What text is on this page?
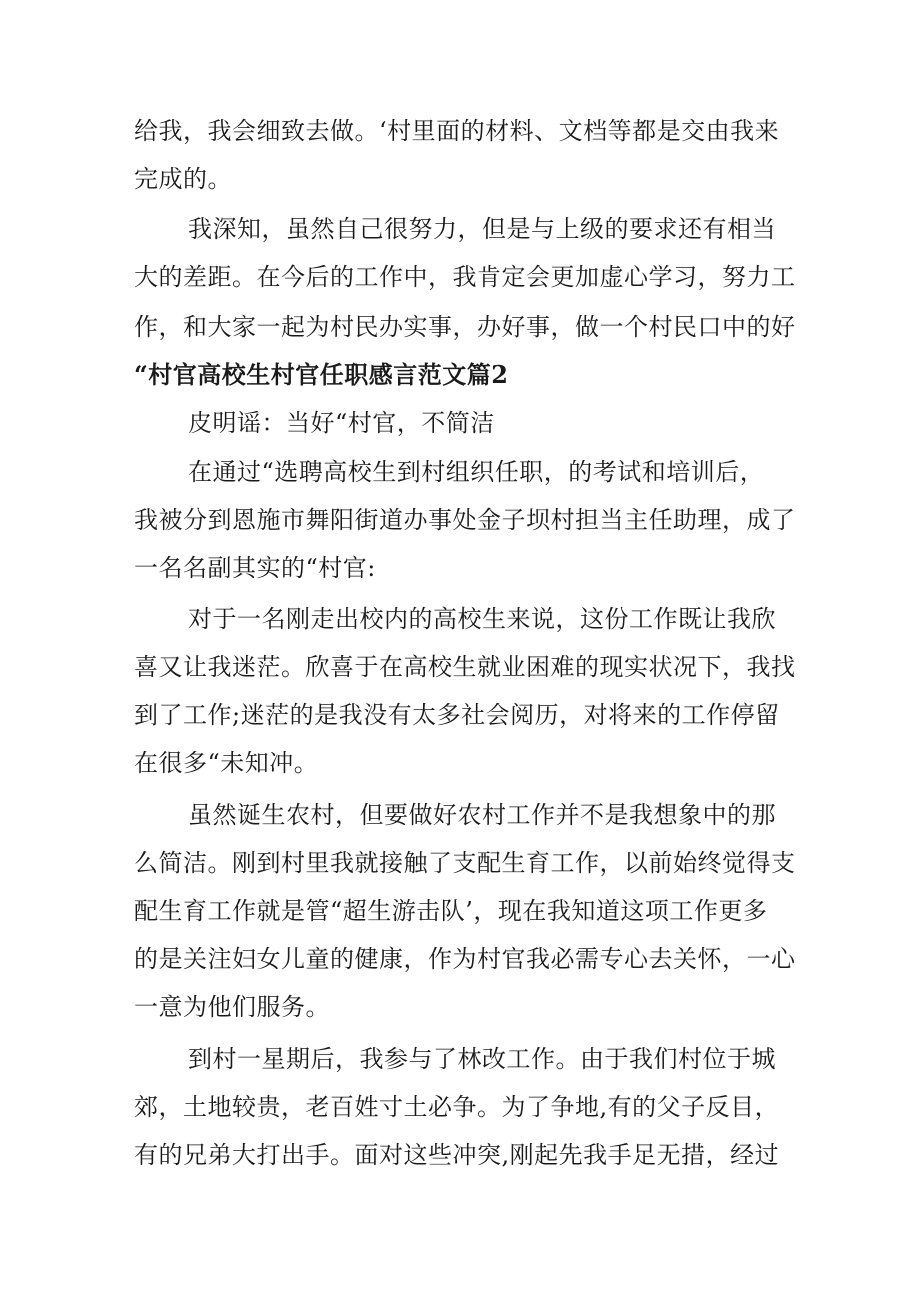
给我，我会细致去做。‘村里面的材料、文档等都是交由我来
完成的。
我深知，虽然自己很努力，但是与上级的要求还有相当
大的差距。在今后的工作中，我肯定会更加虚心学习，努力工
作，和大家一起为村民办实事，办好事，做一个村民口中的好
“村官高校生村官任职感言范文篇2
皮明谣：当好“村官，不简洁
在通过“选聘高校生到村组织任职，的考试和培训后，
我被分到恩施市舞阳街道办事处金子坝村担当主任助理，成了
一名名副其实的“村官:
对于一名刚走出校内的高校生来说，这份工作既让我欣
喜又让我迷茫。欣喜于在高校生就业困难的现实状况下，我找
到了工作;迷茫的是我没有太多社会阅历，对将来的工作停留
在很多“未知冲。
虽然诞生农村，但要做好农村工作并不是我想象中的那
么简洁。刚到村里我就接触了支配生育工作，以前始终觉得支
配生育工作就是管“超生游击队’，现在我知道这项工作更多
的是关注妇女儿童的健康，作为村官我必需专心去关怀，一心
一意为他们服务。
到村一星期后，我参与了林改工作。由于我们村位于城
郊，土地较贵，老百姓寸土必争。为了争地,有的父子反目，
有的兄弟大打出手。面对这些冲突,刚起先我手足无措，经过
